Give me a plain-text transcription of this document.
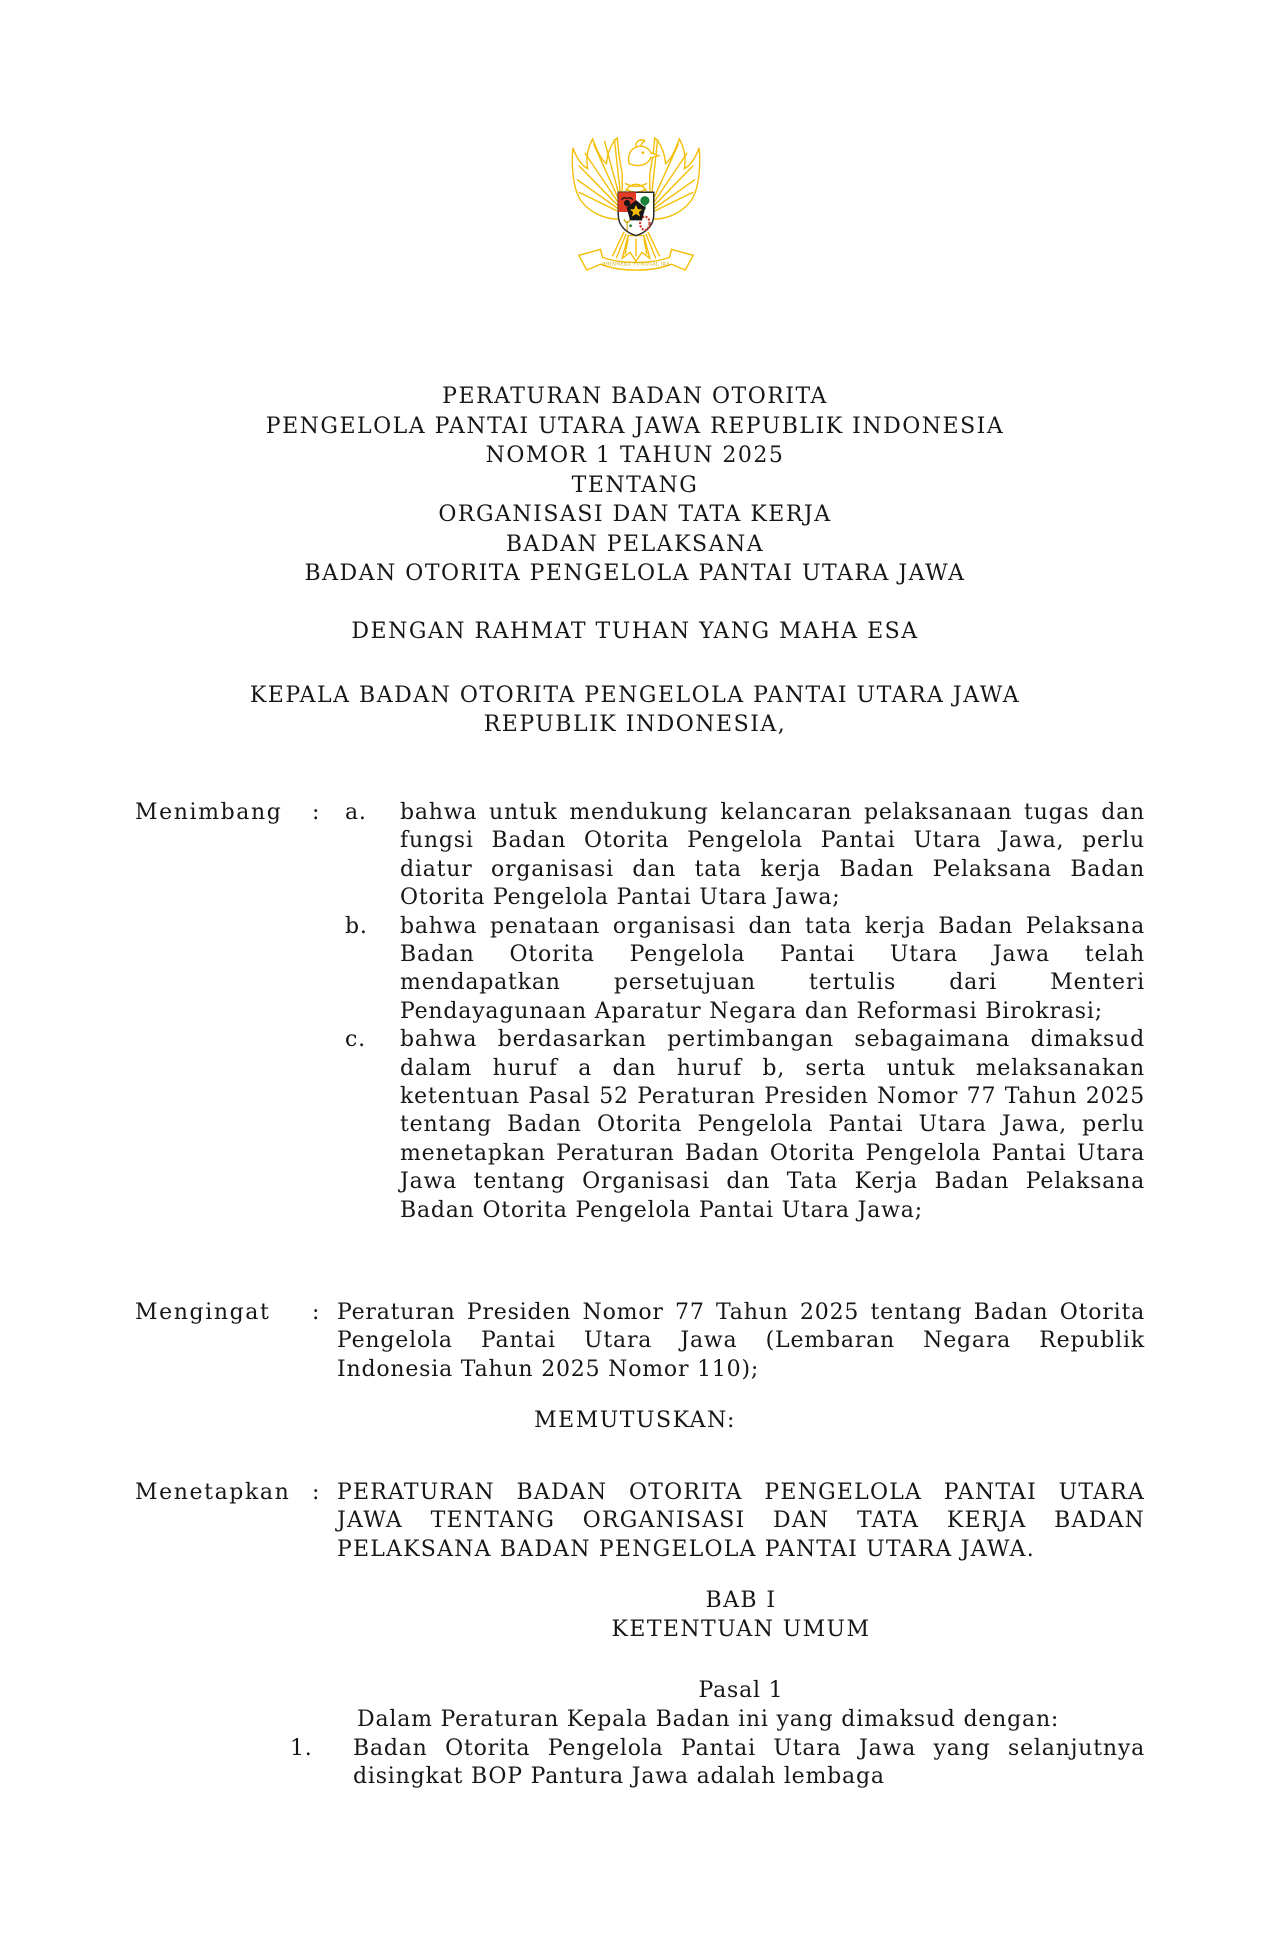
BHINNEKA TUNGGAL IKA
PERATURAN BADAN OTORITA
PENGELOLA PANTAI UTARA JAWA REPUBLIK INDONESIA
NOMOR 1 TAHUN 2025
TENTANG
ORGANISASI DAN TATA KERJA
BADAN PELAKSANA
BADAN OTORITA PENGELOLA PANTAI UTARA JAWA
DENGAN RAHMAT TUHAN YANG MAHA ESA
KEPALA BADAN OTORITA PENGELOLA PANTAI UTARA JAWA
REPUBLIK INDONESIA,
Menimbang	:	a.	bahwa untuk mendukung kelancaran pelaksanaan tugas dan fungsi Badan Otorita Pengelola Pantai Utara Jawa, perlu diatur organisasi dan tata kerja Badan Pelaksana Badan Otorita Pengelola Pantai Utara Jawa;
b.	bahwa penataan organisasi dan tata kerja Badan Pelaksana Badan Otorita Pengelola Pantai Utara Jawa telah mendapatkan persetujuan tertulis dari Menteri Pendayagunaan Aparatur Negara dan Reformasi Birokrasi;
c.	bahwa berdasarkan pertimbangan sebagaimana dimaksud dalam huruf a dan huruf b, serta untuk melaksanakan ketentuan Pasal 52 Peraturan Presiden Nomor 77 Tahun 2025 tentang Badan Otorita Pengelola Pantai Utara Jawa, perlu menetapkan Peraturan Badan Otorita Pengelola Pantai Utara Jawa tentang Organisasi dan Tata Kerja Badan Pelaksana Badan Otorita Pengelola Pantai Utara Jawa;
Mengingat	: Peraturan Presiden Nomor 77 Tahun 2025 tentang Badan Otorita Pengelola Pantai Utara Jawa (Lembaran Negara Republik Indonesia Tahun 2025 Nomor 110);
MEMUTUSKAN:
Menetapkan : PERATURAN BADAN OTORITA PENGELOLA PANTAI UTARA JAWA TENTANG ORGANISASI DAN TATA KERJA BADAN PELAKSANA BADAN PENGELOLA PANTAI UTARA JAWA.
BAB I
KETENTUAN UMUM
Pasal 1
Dalam Peraturan Kepala Badan ini yang dimaksud dengan:
1.	Badan Otorita Pengelola Pantai Utara Jawa yang selanjutnya disingkat BOP Pantura Jawa adalah lembaga
